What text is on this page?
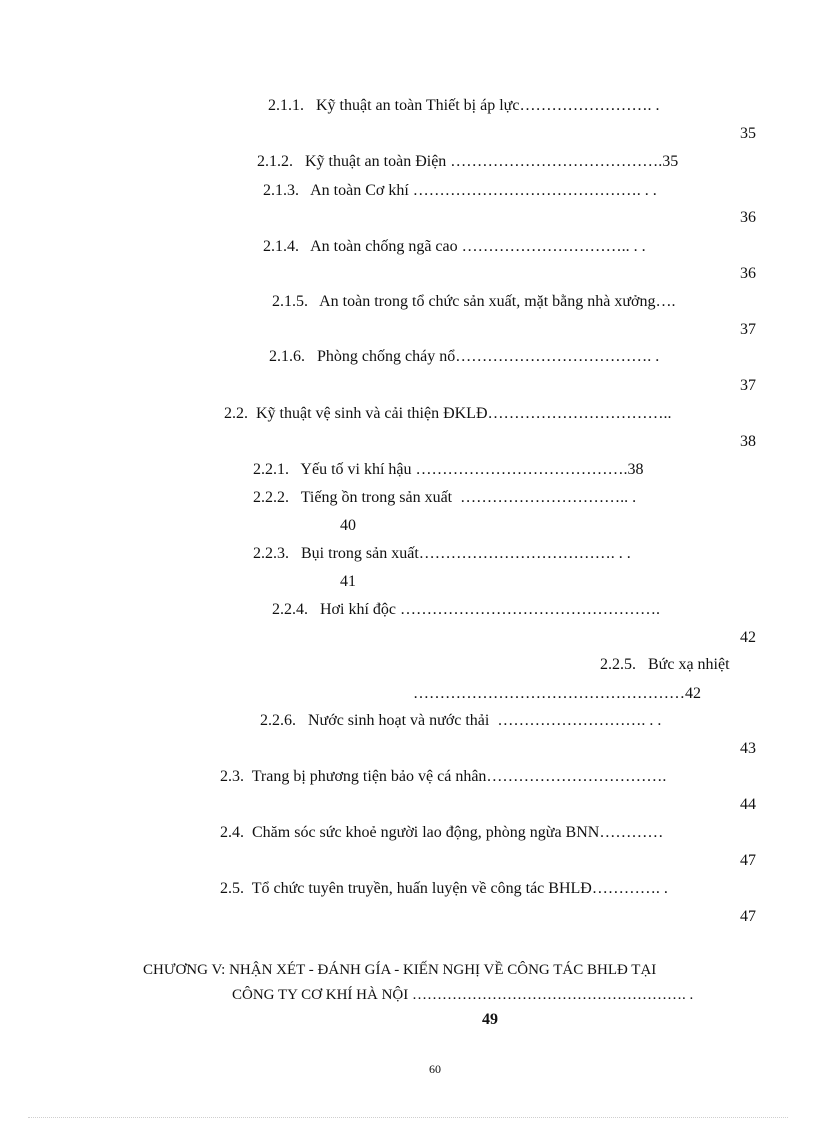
2.1.1.   Kỹ thuật an toàn Thiết bị áp lực……………………. .
35
2.1.2.   Kỹ thuật an toàn Điện ………………………………….35
2.1.3.   An toàn Cơ khí ……………………………………. . .
36
2.1.4.   An toàn chống ngã cao ………………………….. . .
36
2.1.5.   An toàn trong tổ chức sản xuất, mặt bằng nhà xưởng….
37
2.1.6.   Phòng chống cháy nổ………………………………. .
37
2.2.  Kỹ thuật vệ sinh và cải thiện ĐKLĐ……………………………..
38
2.2.1.   Yếu tố vi khí hậu ………………………………….38
2.2.2.   Tiếng ồn trong sản xuất  ………………………….. .
40
2.2.3.   Bụi trong sản xuất………………………………. . .
41
2.2.4.   Hơi khí độc ………………………………………….
42
2.2.5.   Bức xạ nhiệt
……………………………………………42
2.2.6.   Nước sinh hoạt và nước thải  ………………………. . .
43
2.3.  Trang bị phương tiện bảo vệ cá nhân…………………………….
44
2.4.  Chăm sóc sức khoẻ người lao động, phòng ngừa BNN…………
47
2.5.  Tổ chức tuyên truyền, huấn luyện về công tác BHLĐ…………. .
47
CHƯƠNG V: NHẬN XÉT - ĐÁNH GÍA - KIẾN NGHỊ VỀ CÔNG TÁC BHLĐ TẠI
CÔNG TY CƠ KHÍ HÀ NỘI ………………………………………………. .
49
60
